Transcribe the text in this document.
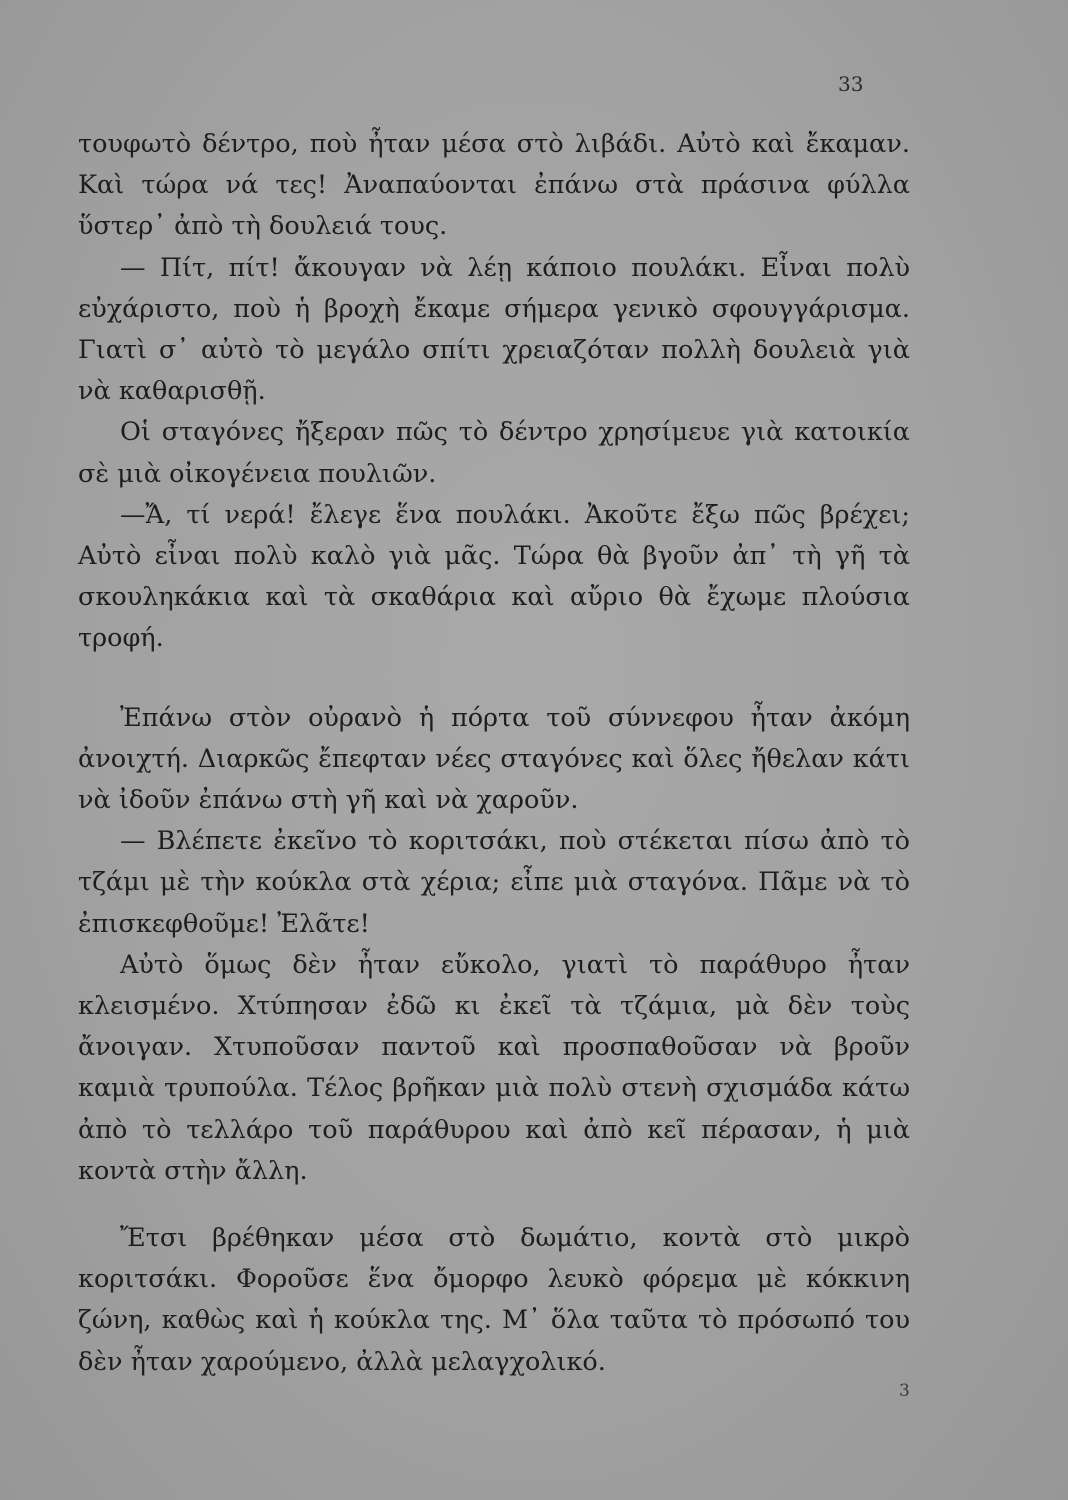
33

τουφωτὸ δέντρο, ποὺ ἦταν μέσα στὸ λιβάδι. Αὐτὸ καὶ ἔκαμαν. Καὶ τώρα νά τες! Ἀναπαύονται ἐπάνω στὰ πράσινα φύλλα ὕστερ᾽ ἀπὸ τὴ δουλειά τους.

— Πίτ, πίτ! ἄκουγαν νὰ λέῃ κάποιο πουλάκι. Εἶναι πολὺ εὐχάριστο, ποὺ ἡ βροχὴ ἔκαμε σήμερα γενικὸ σφουγγάρισμα. Γιατὶ σ᾽ αὐτὸ τὸ μεγάλο σπίτι χρειαζόταν πολλὴ δουλειὰ γιὰ νὰ καθαρισθῇ.

Οἱ σταγόνες ἤξεραν πῶς τὸ δέντρο χρησίμευε γιὰ κατοικία σὲ μιὰ οἰκογένεια πουλιῶν.

—Ἄ, τί νερά! ἔλεγε ἕνα πουλάκι. Ἀκοῦτε ἔξω πῶς βρέχει; Αὐτὸ εἶναι πολὺ καλὸ γιὰ μᾶς. Τώρα θὰ βγοῦν ἀπ᾽ τὴ γῆ τὰ σκουληκάκια καὶ τὰ σκαθάρια καὶ αὔριο θὰ ἔχωμε πλούσια τροφή.

Ἐπάνω στὸν οὐρανὸ ἡ πόρτα τοῦ σύννεφου ἦταν ἀκόμη ἀνοιχτή. Διαρκῶς ἔπεφταν νέες σταγόνες καὶ ὅλες ἤθελαν κάτι νὰ ἰδοῦν ἐπάνω στὴ γῆ καὶ νὰ χαροῦν.

— Βλέπετε ἐκεῖνο τὸ κοριτσάκι, ποὺ στέκεται πίσω ἀπὸ τὸ τζάμι μὲ τὴν κούκλα στὰ χέρια; εἶπε μιὰ σταγόνα. Πᾶμε νὰ τὸ ἐπισκεφθοῦμε! Ἐλᾶτε!

Αὐτὸ ὅμως δὲν ἦταν εὔκολο, γιατὶ τὸ παράθυρο ἦταν κλεισμένο. Χτύπησαν ἐδῶ κι ἐκεῖ τὰ τζάμια, μὰ δὲν τοὺς ἄνοιγαν. Χτυποῦσαν παντοῦ καὶ προσπαθοῦσαν νὰ βροῦν καμιὰ τρυπούλα. Τέλος βρῆκαν μιὰ πολὺ στενὴ σχισμάδα κάτω ἀπὸ τὸ τελλάρο τοῦ παράθυρου καὶ ἀπὸ κεῖ πέρασαν, ἡ μιὰ κοντὰ στὴν ἄλλη.

Ἔτσι βρέθηκαν μέσα στὸ δωμάτιο, κοντὰ στὸ μικρὸ κοριτσάκι. Φοροῦσε ἕνα ὄμορφο λευκὸ φόρεμα μὲ κόκκινη ζώνη, καθὼς καὶ ἡ κούκλα της. Μ᾽ ὅλα ταῦτα τὸ πρόσωπό του δὲν ἦταν χαρούμενο, ἀλλὰ μελαγχολικό.

3
